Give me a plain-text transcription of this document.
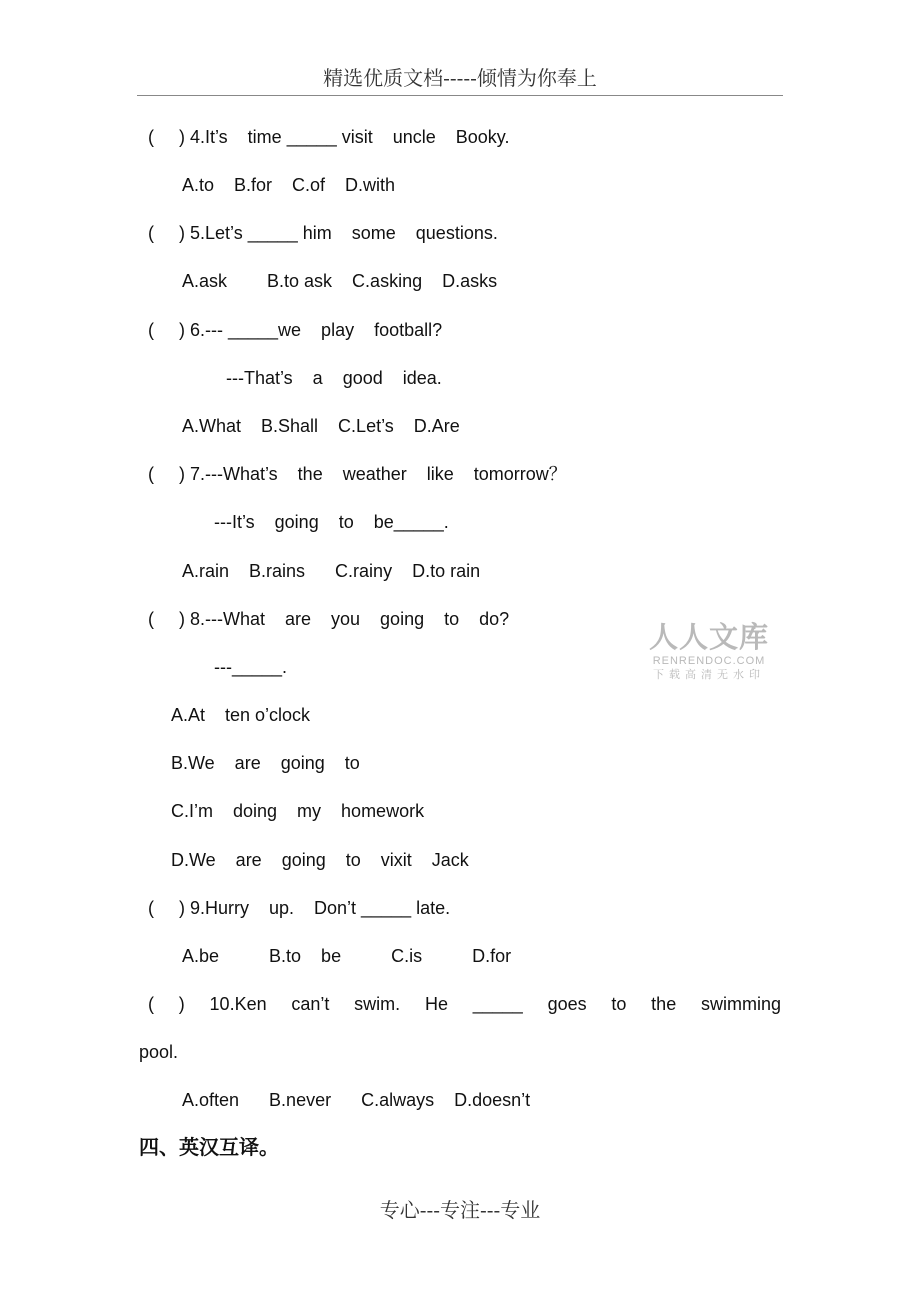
精选优质文档-----倾情为你奉上
(     ) 4.It’s    time _____ visit    uncle    Booky.
A.to    B.for    C.of    D.with
(     ) 5.Let’s _____ him    some    questions.
A.ask        B.to ask    C.asking    D.asks
(     ) 6.--- _____we    play    football?
---That’s    a    good    idea.
A.What    B.Shall    C.Let’s    D.Are
(     ) 7.---What’s    the    weather    like    tomorrow？
---It’s    going    to    be_____.
A.rain    B.rains      C.rainy    D.to rain
(     ) 8.---What    are    you    going    to    do?
---_____.
A.At    ten o’clock
B.We    are    going    to
C.I’m    doing    my    homework
D.We    are    going    to    vixit    Jack
(     ) 9.Hurry    up.    Don’t _____ late.
A.be          B.to    be          C.is          D.for
( ) 10.Ken can’t swim. He _____ goes to the swimming
pool.
A.often      B.never      C.always    D.doesn’t
四、英汉互译。
人人文库
RENRENDOC.COM
下载高清无水印
专心---专注---专业
